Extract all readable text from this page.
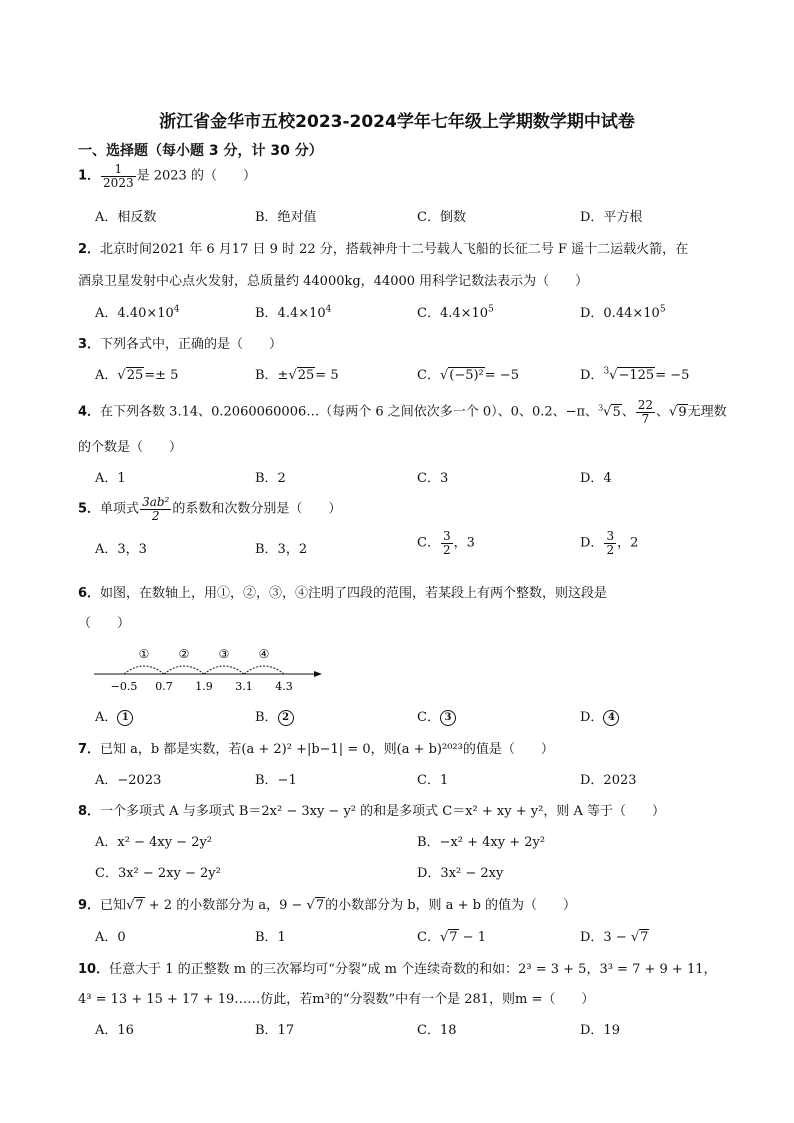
浙江省金华市五校2023-2024学年七年级上学期数学期中试卷
一、选择题（每小题 3 分，计 30 分）
1． $\frac{1}{2023}$ 是 2023 的（　　）
A．相反数	B．绝对值	C．倒数	D．平方根
2．北京时间2021 年 6 月17 日 9 时 22 分，搭载神舟十二号载人飞船的长征二号 F 遥十二运载火箭，在
酒泉卫星发射中心点火发射，总质量约 44000kg，44000 用科学记数法表示为（　　）
A．$4.40\times 10^4$	B．$4.4\times 10^4$	C．$4.4\times 10^5$	D．$0.44\times 10^5$
3．下列各式中，正确的是（　　）
A．√25=± 5	B．±√25= 5	C．√(−5)²= −5	D．$^3$√−125= −5
4．在下列各数 3.14、0.2060060006…（每两个 6 之间依次多一个 0）、0、0.2、−π、$^3$√5、 $\frac{22}{7}$ 、√9无理数
的个数是（　　）
A．1	B．2	C．3	D．4
5．单项式 $\frac{\text{3ab²}}{2}$ 的系数和次数分别是（　　）
A．3，3	B．3，2	C． $\frac{3}{2}$ ，3	D． $\frac{3}{2}$ ，2
6．如图，在数轴上，用①，②，③，④注明了四段的范围，若某段上有两个整数，则这段是
（　　）
① ② ③ ④
−0.5 0.7 1.9 3.1 4.3
A． 1	B． 2	C． 3	D． 4
7．已知 a，b 都是实数，若(a + 2)² +|b−1| = 0，则(a + b)²⁰²³的值是（　　）
A．−2023	B．−1	C．1	D．2023
8．一个多项式 A 与多项式 B＝2x² − 3xy − y² 的和是多项式 C＝x² + xy + y²，则 A 等于（　　）
A．x² − 4xy − 2y²	B．−x² + 4xy + 2y²
C．3x² − 2xy − 2y²	D．3x² − 2xy
9．已知√7 + 2 的小数部分为 a，9 − √7的小数部分为 b，则 a + b 的值为（　　）
A．0	B．1	C．√7 − 1	D．3 − √7
10．任意大于 1 的正整数 m 的三次幂均可“分裂”成 m 个连续奇数的和如：2³ = 3 + 5，3³ = 7 + 9 + 11，
4³ = 13 + 15 + 17 + 19……仿此，若m³的“分裂数”中有一个是 281，则m =（　　）
A．16	B．17	C．18	D．19
